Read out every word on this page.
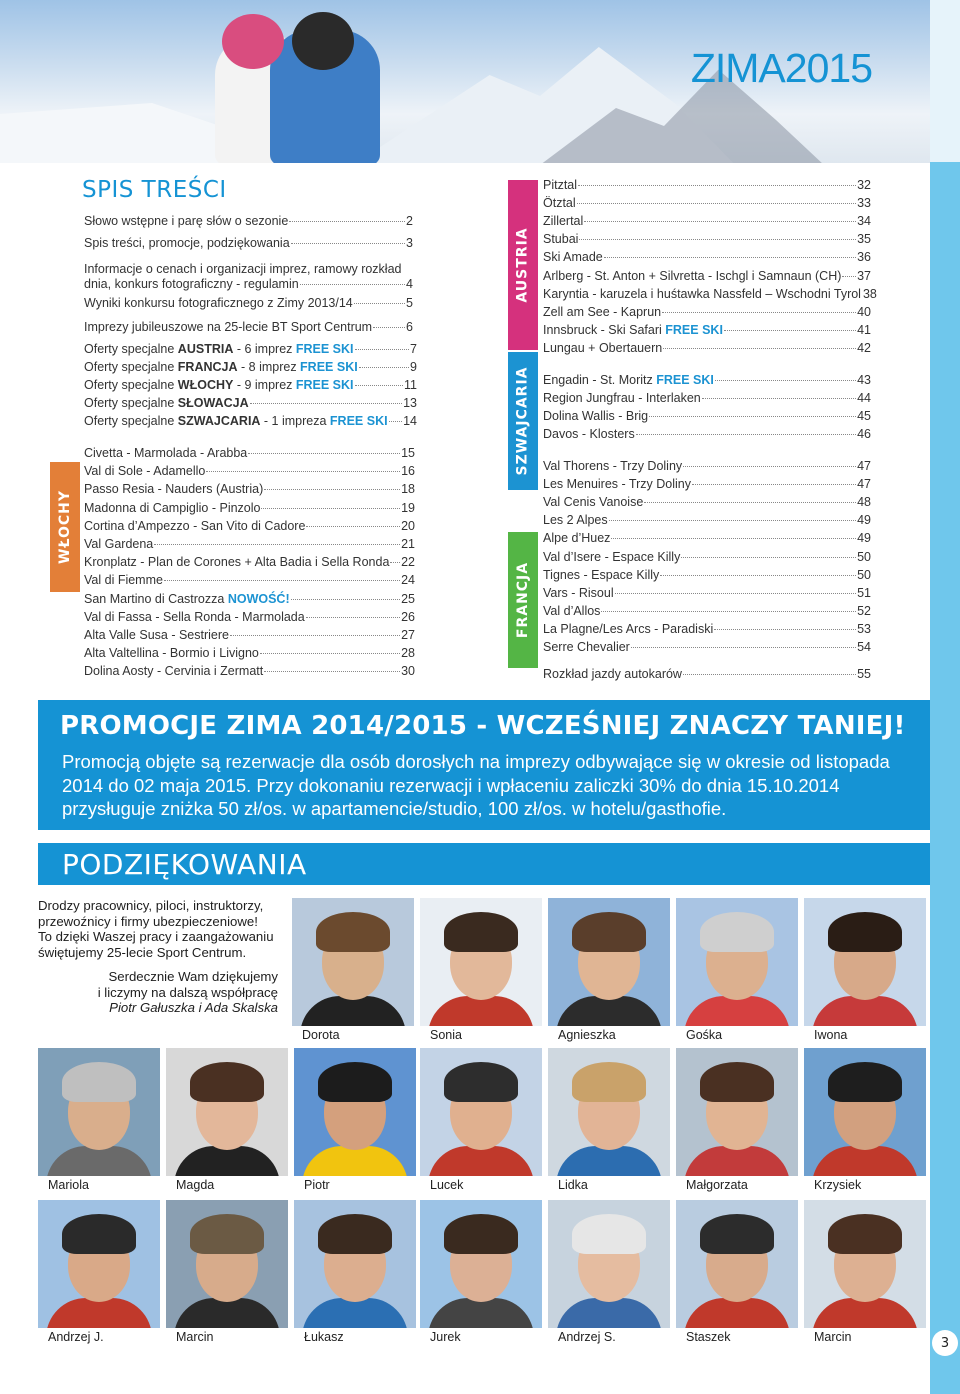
ZIMA2015
SPIS TREŚCI
WŁOCHY
AUSTRIA
SZWAJCARIA
FRANCJA
Słowo wstępne i parę słów o sezonie	2
Spis treści, promocje, podziękowania	3
Informacje o cenach i organizacji imprez, ramowy rozkład
dnia, konkurs fotograficzny - regulamin	4
Wyniki konkursu fotograficznego z Zimy 2013/14	5
Imprezy jubileuszowe na 25-lecie BT Sport Centrum	6
Oferty specjalne AUSTRIA - 6 imprez FREE SKI	7
Oferty specjalne FRANCJA - 8 imprez FREE SKI	9
Oferty specjalne WŁOCHY - 9 imprez FREE SKI	11
Oferty specjalne SŁOWACJA	13
Oferty specjalne SZWAJCARIA - 1 impreza FREE SKI 14
Civetta - Marmolada - Arabba	15
Val di Sole - Adamello	16
Passo Resia - Nauders (Austria)	18
Madonna di Campiglio - Pinzolo	19
Cortina d’Ampezzo - San Vito di Cadore	20
Val Gardena	21
Kronplatz - Plan de Corones + Alta Badia i Sella Ronda 22
Val di Fiemme	24
San Martino di Castrozza NOWOŚĆ!	25
Val di Fassa - Sella Ronda - Marmolada	26
Alta Valle Susa - Sestriere	27
Alta Valtellina - Bormio i Livigno	28
Dolina Aosty - Cervinia i Zermatt	30
Pitztal	32
Ötztal	33
Zillertal	34
Stubai	35
Ski Amade	36
Arlberg - St. Anton + Silvretta - Ischgl i Samnaun (CH) 37
Karyntia - karuzela i huśtawka Nassfeld – Wschodni Tyrol 38
Zell am See - Kaprun	40
Innsbruck - Ski Safari FREE SKI	41
Lungau + Obertauern	42
Engadin - St. Moritz FREE SKI	43
Region Jungfrau - Interlaken	44
Dolina Wallis - Brig	45
Davos - Klosters	46
Val Thorens - Trzy Doliny	47
Les Menuires - Trzy Doliny	47
Val Cenis Vanoise	48
Les 2 Alpes	49
Alpe d’Huez	49
Val d’Isere - Espace Killy	50
Tignes - Espace Killy	50
Vars - Risoul	51
Val d’Allos	52
La Plagne/Les Arcs - Paradiski	53
Serre Chevalier	54
Rozkład jazdy autokarów	55
PROMOCJE ZIMA 2014/2015 - WCZEŚNIEJ ZNACZY TANIEJ!
Promocją objęte są rezerwacje dla osób dorosłych na imprezy odbywające się w okresie od listopada 2014 do 02 maja 2015. Przy dokonaniu rezerwacji i wpłaceniu zaliczki 30% do dnia 15.10.2014 przysługuje zniżka 50 zł/os. w apartamencie/studio, 100 zł/os. w hotelu/gasthofie.
PODZIĘKOWANIA
Drodzy pracownicy, piloci, instruktorzy,
przewoźnicy i firmy ubezpieczeniowe!
To dzięki Waszej pracy i zaangażowaniu
świętujemy 25-lecie Sport Centrum.
Serdecznie Wam dziękujemy
i liczymy na dalszą współpracę
Piotr Gałuszka i Ada Skalska
Dorota	Sonia	Agnieszka	Gośka	Iwona
Mariola	Magda	Piotr	Lucek	Lidka	Małgorzata	Krzysiek
Andrzej J.	Marcin	Łukasz	Jurek	Andrzej S.	Staszek	Marcin	3
